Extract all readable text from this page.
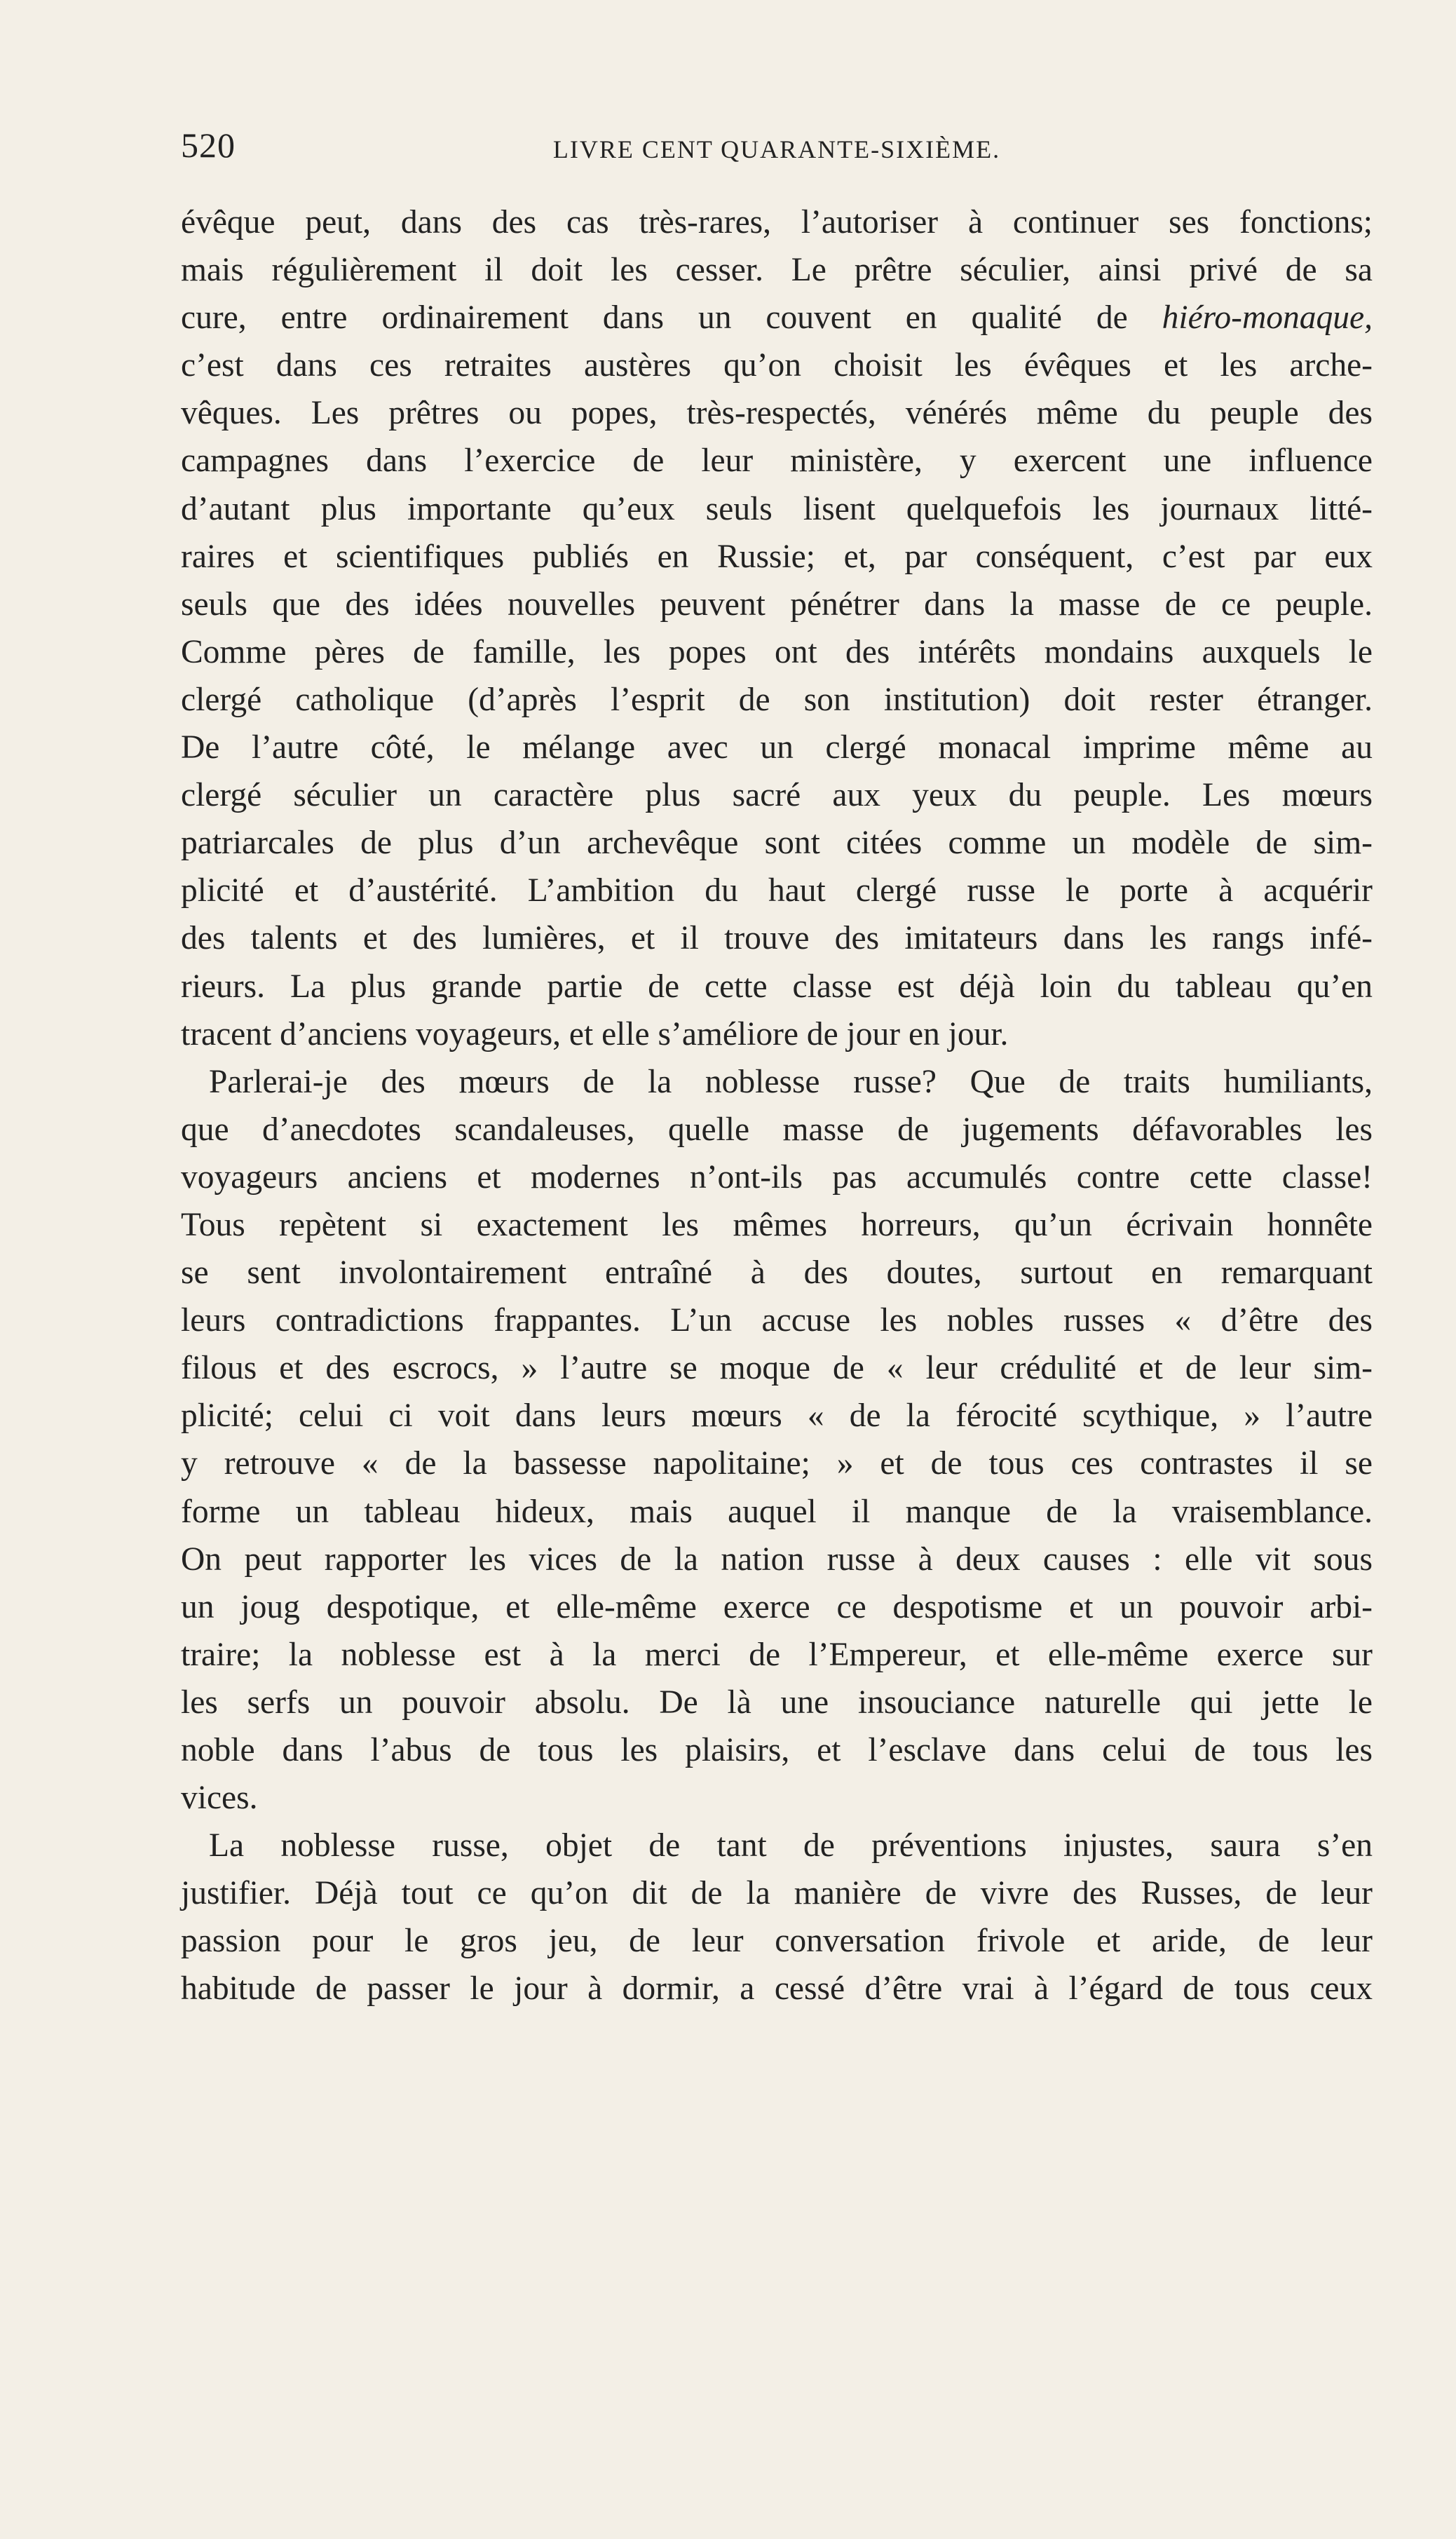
520	LIVRE CENT QUARANTE-SIXIÈME.
évêque peut, dans des cas très-rares, l’autoriser à continuer ses fonctions;
mais régulièrement il doit les cesser. Le prêtre séculier, ainsi privé de sa
cure, entre ordinairement dans un couvent en qualité de hiéro-monaque,
c’est dans ces retraites austères qu’on choisit les évêques et les arche-
vêques. Les prêtres ou popes, très-respectés, vénérés même du peuple des
campagnes dans l’exercice de leur ministère, y exercent une influence
d’autant plus importante qu’eux seuls lisent quelquefois les journaux litté-
raires et scientifiques publiés en Russie; et, par conséquent, c’est par eux
seuls que des idées nouvelles peuvent pénétrer dans la masse de ce peuple.
Comme pères de famille, les popes ont des intérêts mondains auxquels le
clergé catholique (d’après l’esprit de son institution) doit rester étranger.
De l’autre côté, le mélange avec un clergé monacal imprime même au
clergé séculier un caractère plus sacré aux yeux du peuple. Les mœurs
patriarcales de plus d’un archevêque sont citées comme un modèle de sim-
plicité et d’austérité. L’ambition du haut clergé russe le porte à acquérir
des talents et des lumières, et il trouve des imitateurs dans les rangs infé-
rieurs. La plus grande partie de cette classe est déjà loin du tableau qu’en
tracent d’anciens voyageurs, et elle s’améliore de jour en jour.
Parlerai-je des mœurs de la noblesse russe? Que de traits humiliants,
que d’anecdotes scandaleuses, quelle masse de jugements défavorables les
voyageurs anciens et modernes n’ont-ils pas accumulés contre cette classe!
Tous repètent si exactement les mêmes horreurs, qu’un écrivain honnête
se sent involontairement entraîné à des doutes, surtout en remarquant
leurs contradictions frappantes. L’un accuse les nobles russes « d’être des
filous et des escrocs, » l’autre se moque de « leur crédulité et de leur sim-
plicité; celui ci voit dans leurs mœurs « de la férocité scythique, » l’autre
y retrouve « de la bassesse napolitaine; » et de tous ces contrastes il se
forme un tableau hideux, mais auquel il manque de la vraisemblance.
On peut rapporter les vices de la nation russe à deux causes : elle vit sous
un joug despotique, et elle-même exerce ce despotisme et un pouvoir arbi-
traire; la noblesse est à la merci de l’Empereur, et elle-même exerce sur
les serfs un pouvoir absolu. De là une insouciance naturelle qui jette le
noble dans l’abus de tous les plaisirs, et l’esclave dans celui de tous les
vices.
La noblesse russe, objet de tant de préventions injustes, saura s’en
justifier. Déjà tout ce qu’on dit de la manière de vivre des Russes, de leur
passion pour le gros jeu, de leur conversation frivole et aride, de leur
habitude de passer le jour à dormir, a cessé d’être vrai à l’égard de tous ceux
